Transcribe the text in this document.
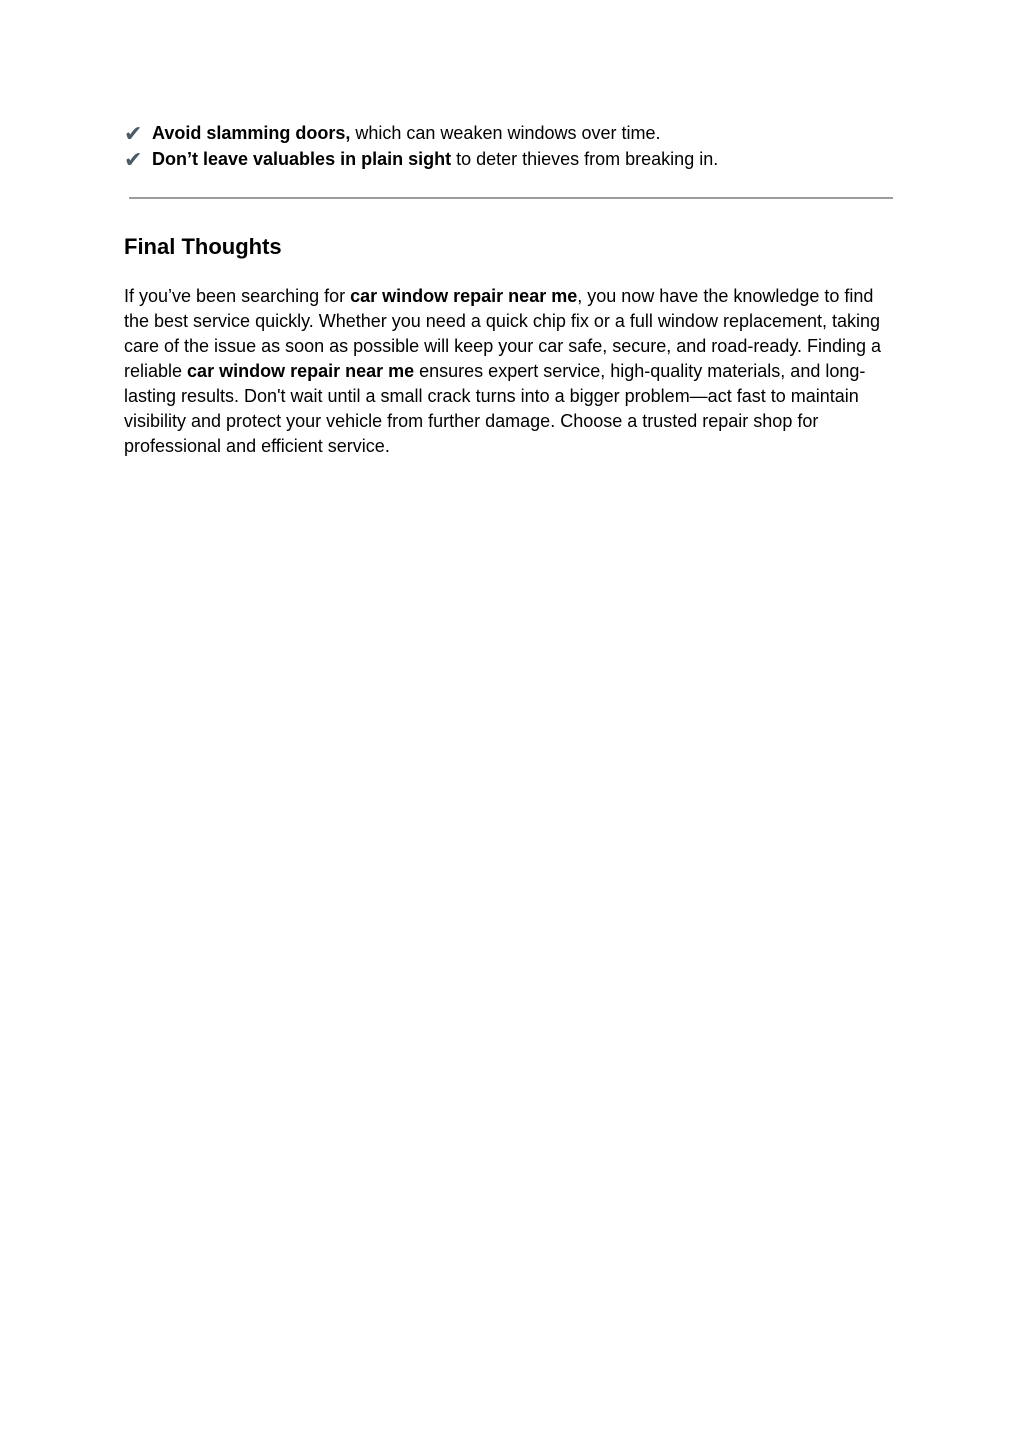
✔ Avoid slamming doors, which can weaken windows over time.
✔ Don’t leave valuables in plain sight to deter thieves from breaking in.
Final Thoughts

If you’ve been searching for car window repair near me, you now have the knowledge to find the best service quickly. Whether you need a quick chip fix or a full window replacement, taking care of the issue as soon as possible will keep your car safe, secure, and road-ready. Finding a reliable car window repair near me ensures expert service, high-quality materials, and long-lasting results. Don't wait until a small crack turns into a bigger problem—act fast to maintain visibility and protect your vehicle from further damage. Choose a trusted repair shop for professional and efficient service.
